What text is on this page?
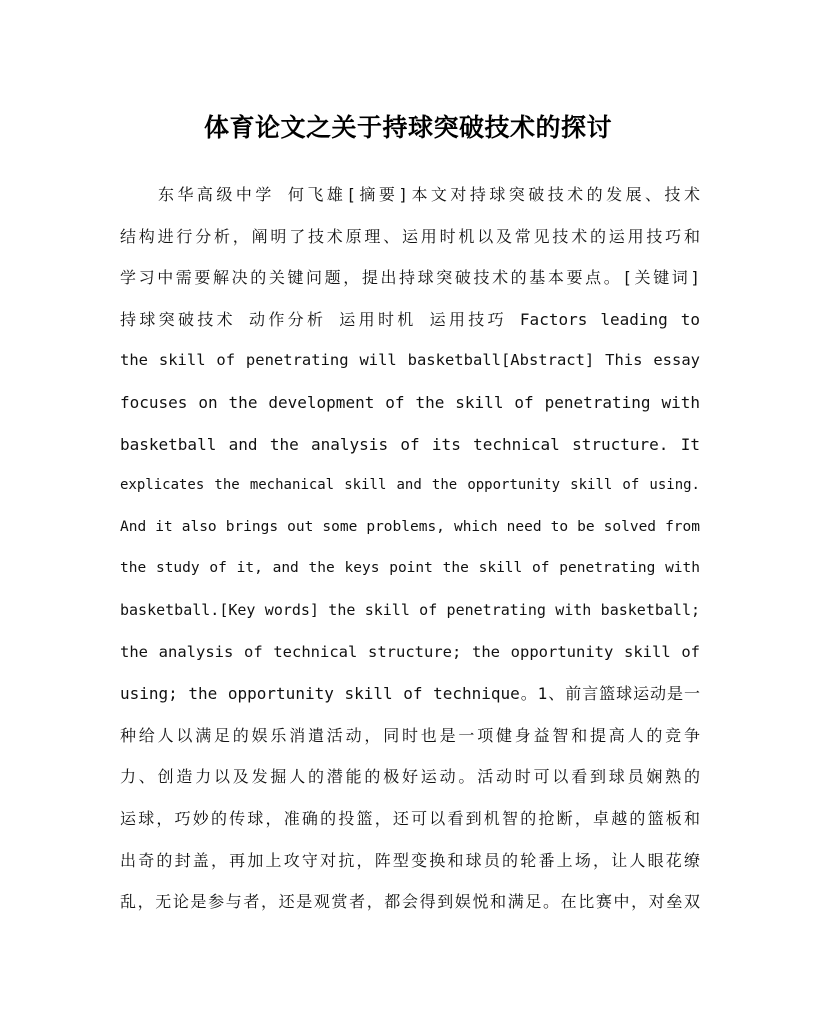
体育论文之关于持球突破技术的探讨
东华高级中学 何飞雄[摘要]本文对持球突破技术的发展、技术
结构进行分析，阐明了技术原理、运用时机以及常见技术的运用技巧和
学习中需要解决的关键问题，提出持球突破技术的基本要点。[关键词]
持球突破技术 动作分析 运用时机 运用技巧 Factors leading to
the skill of penetrating will basketball[Abstract] This essay
focuses on the development of the skill of penetrating with
basketball and the analysis of its technical structure. It
explicates the mechanical skill and the opportunity skill of using.
And it also brings out some problems, which need to be solved from
the study of it, and the keys point the skill of penetrating with
basketball.[Key words] the skill of penetrating with basketball;
the analysis of technical structure; the opportunity skill of
using; the opportunity skill of technique。1、前言篮球运动是一
种给人以满足的娱乐消遣活动，同时也是一项健身益智和提高人的竞争
力、创造力以及发掘人的潜能的极好运动。活动时可以看到球员娴熟的
运球，巧妙的传球，准确的投篮，还可以看到机智的抢断，卓越的篮板和
出奇的封盖，再加上攻守对抗，阵型变换和球员的轮番上场，让人眼花缭
乱，无论是参与者，还是观赏者，都会得到娱悦和满足。在比赛中，对垒双
